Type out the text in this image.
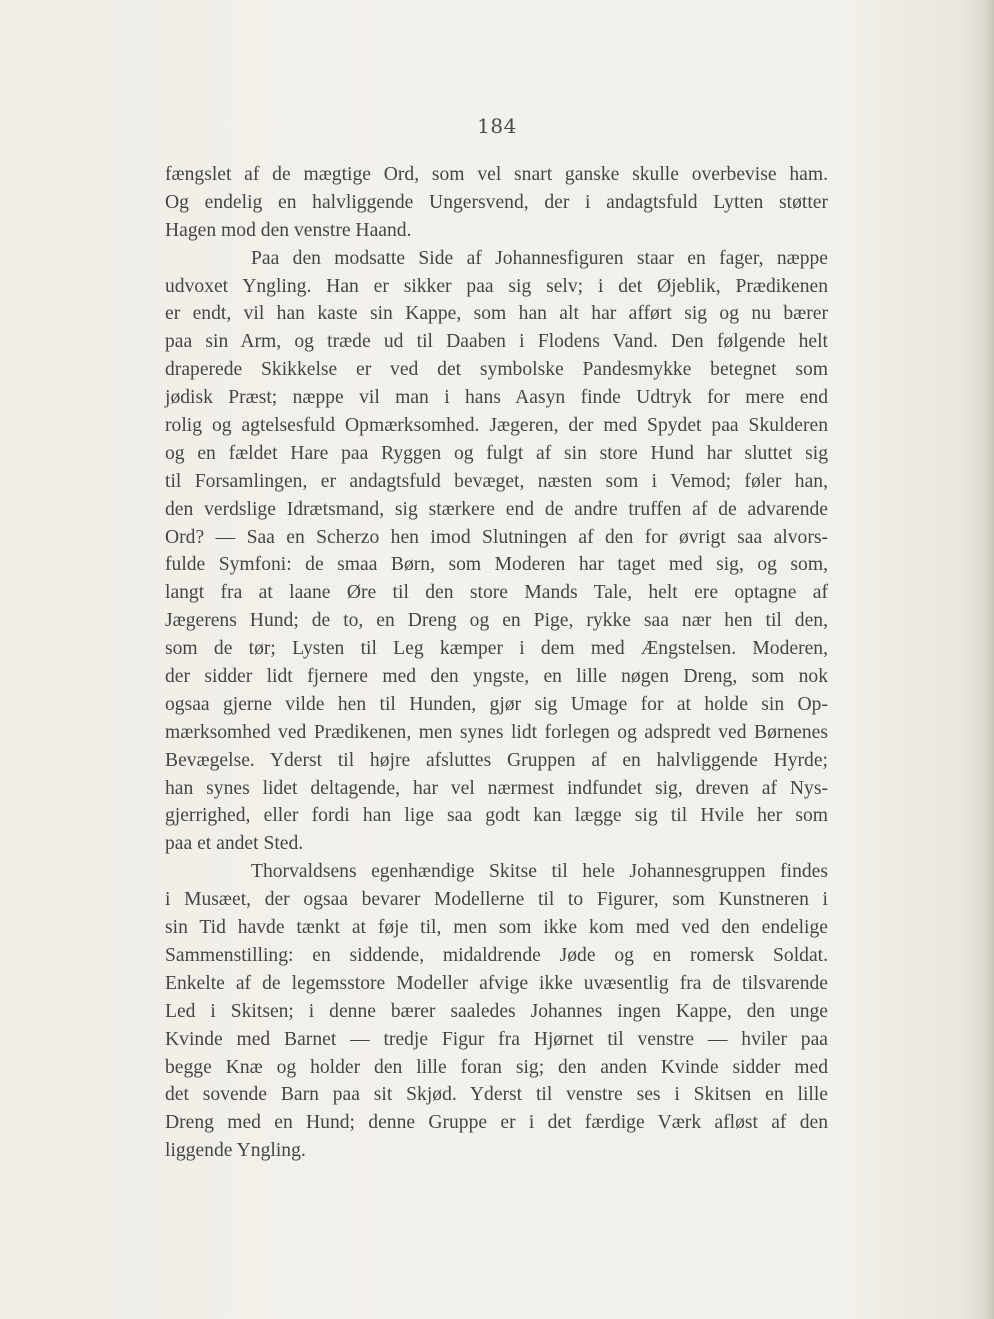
184
fængslet af de mægtige Ord, som vel snart ganske skulle overbevise ham.
Og endelig en halvliggende Ungersvend, der i andagtsfuld Lytten støtter
Hagen mod den venstre Haand.
Paa den modsatte Side af Johannesfiguren staar en fager, næppe
udvoxet Yngling. Han er sikker paa sig selv; i det Øjeblik, Prædikenen
er endt, vil han kaste sin Kappe, som han alt har afført sig og nu bærer
paa sin Arm, og træde ud til Daaben i Flodens Vand. Den følgende helt
draperede Skikkelse er ved det symbolske Pandesmykke betegnet som
jødisk Præst; næppe vil man i hans Aasyn finde Udtryk for mere end
rolig og agtelsesfuld Opmærksomhed. Jægeren, der med Spydet paa Skulderen
og en fældet Hare paa Ryggen og fulgt af sin store Hund har sluttet sig
til Forsamlingen, er andagtsfuld bevæget, næsten som i Vemod; føler han,
den verdslige Idrætsmand, sig stærkere end de andre truffen af de advarende
Ord? — Saa en Scherzo hen imod Slutningen af den for øvrigt saa alvors-
fulde Symfoni: de smaa Børn, som Moderen har taget med sig, og som,
langt fra at laane Øre til den store Mands Tale, helt ere optagne af
Jægerens Hund; de to, en Dreng og en Pige, rykke saa nær hen til den,
som de tør; Lysten til Leg kæmper i dem med Ængstelsen. Moderen,
der sidder lidt fjernere med den yngste, en lille nøgen Dreng, som nok
ogsaa gjerne vilde hen til Hunden, gjør sig Umage for at holde sin Op-
mærksomhed ved Prædikenen, men synes lidt forlegen og adspredt ved Børnenes
Bevægelse. Yderst til højre afsluttes Gruppen af en halvliggende Hyrde;
han synes lidet deltagende, har vel nærmest indfundet sig, dreven af Nys-
gjerrighed, eller fordi han lige saa godt kan lægge sig til Hvile her som
paa et andet Sted.
Thorvaldsens egenhændige Skitse til hele Johannesgruppen findes
i Musæet, der ogsaa bevarer Modellerne til to Figurer, som Kunstneren i
sin Tid havde tænkt at føje til, men som ikke kom med ved den endelige
Sammenstilling: en siddende, midaldrende Jøde og en romersk Soldat.
Enkelte af de legemsstore Modeller afvige ikke uvæsentlig fra de tilsvarende
Led i Skitsen; i denne bærer saaledes Johannes ingen Kappe, den unge
Kvinde med Barnet — tredje Figur fra Hjørnet til venstre — hviler paa
begge Knæ og holder den lille foran sig; den anden Kvinde sidder med
det sovende Barn paa sit Skjød. Yderst til venstre ses i Skitsen en lille
Dreng med en Hund; denne Gruppe er i det færdige Værk afløst af den
liggende Yngling.
